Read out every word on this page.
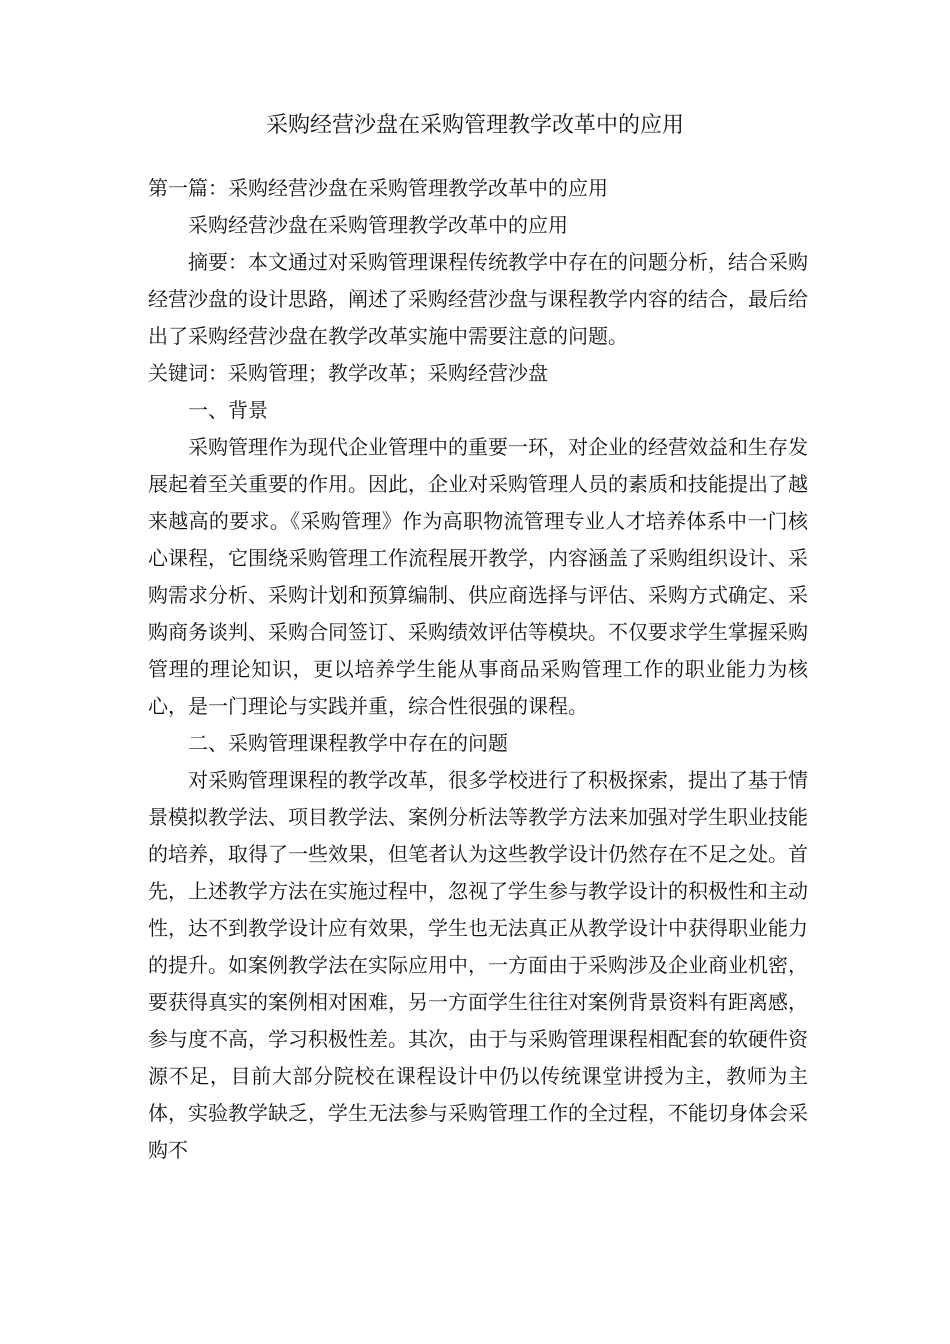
采购经营沙盘在采购管理教学改革中的应用

第一篇：采购经营沙盘在采购管理教学改革中的应用

采购经营沙盘在采购管理教学改革中的应用

摘要：本文通过对采购管理课程传统教学中存在的问题分析，结合采购经营沙盘的设计思路，阐述了采购经营沙盘与课程教学内容的结合，最后给出了采购经营沙盘在教学改革实施中需要注意的问题。

关键词：采购管理；教学改革；采购经营沙盘

一、背景

采购管理作为现代企业管理中的重要一环，对企业的经营效益和生存发展起着至关重要的作用。因此，企业对采购管理人员的素质和技能提出了越来越高的要求。《采购管理》作为高职物流管理专业人才培养体系中一门核心课程，它围绕采购管理工作流程展开教学，内容涵盖了采购组织设计、采购需求分析、采购计划和预算编制、供应商选择与评估、采购方式确定、采购商务谈判、采购合同签订、采购绩效评估等模块。不仅要求学生掌握采购管理的理论知识，更以培养学生能从事商品采购管理工作的职业能力为核心，是一门理论与实践并重，综合性很强的课程。

二、采购管理课程教学中存在的问题

对采购管理课程的教学改革，很多学校进行了积极探索，提出了基于情景模拟教学法、项目教学法、案例分析法等教学方法来加强对学生职业技能的培养，取得了一些效果，但笔者认为这些教学设计仍然存在不足之处。首先，上述教学方法在实施过程中，忽视了学生参与教学设计的积极性和主动性，达不到教学设计应有效果，学生也无法真正从教学设计中获得职业能力的提升。如案例教学法在实际应用中，一方面由于采购涉及企业商业机密，要获得真实的案例相对困难，另一方面学生往往对案例背景资料有距离感，参与度不高，学习积极性差。其次，由于与采购管理课程相配套的软硬件资源不足，目前大部分院校在课程设计中仍以传统课堂讲授为主，教师为主体，实验教学缺乏，学生无法参与采购管理工作的全过程，不能切身体会采购不
